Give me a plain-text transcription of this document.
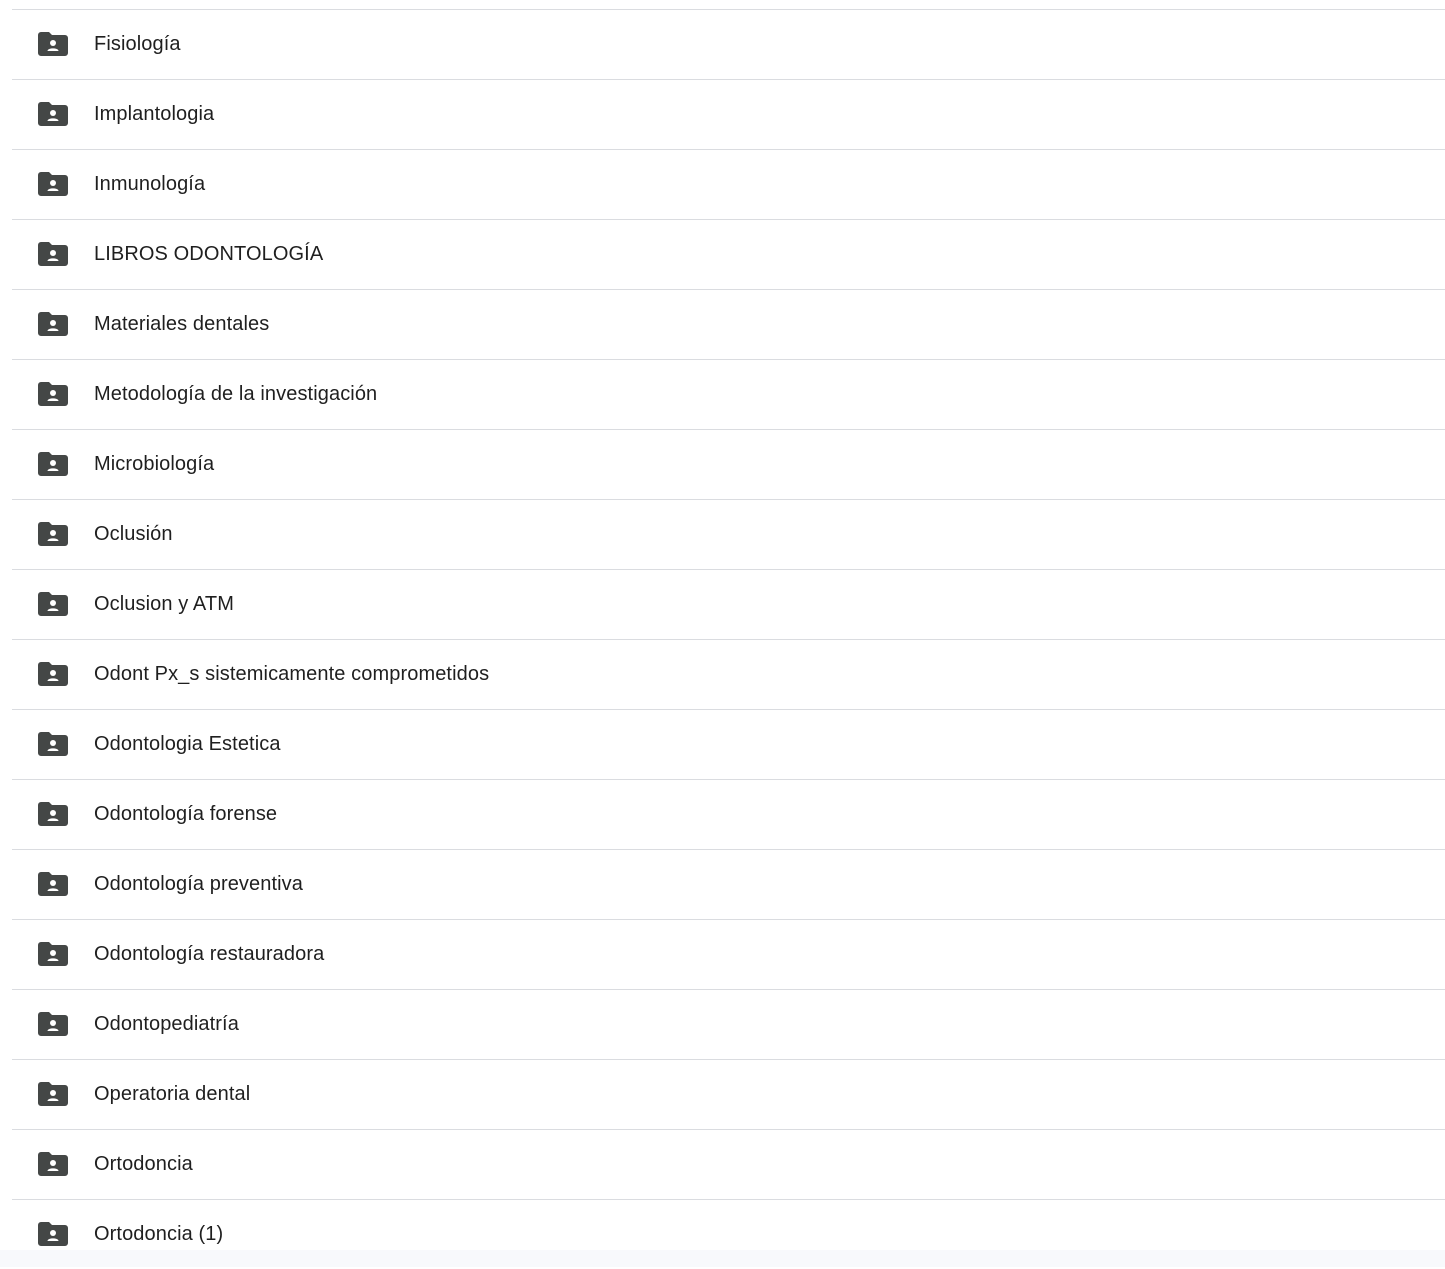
Fisiología
Implantologia
Inmunología
LIBROS ODONTOLOGÍA
Materiales dentales
Metodología de la investigación
Microbiología
Oclusión
Oclusion y ATM
Odont Px_s sistemicamente comprometidos
Odontologia Estetica
Odontología forense
Odontología preventiva
Odontología restauradora
Odontopediatría
Operatoria dental
Ortodoncia
Ortodoncia (1)
